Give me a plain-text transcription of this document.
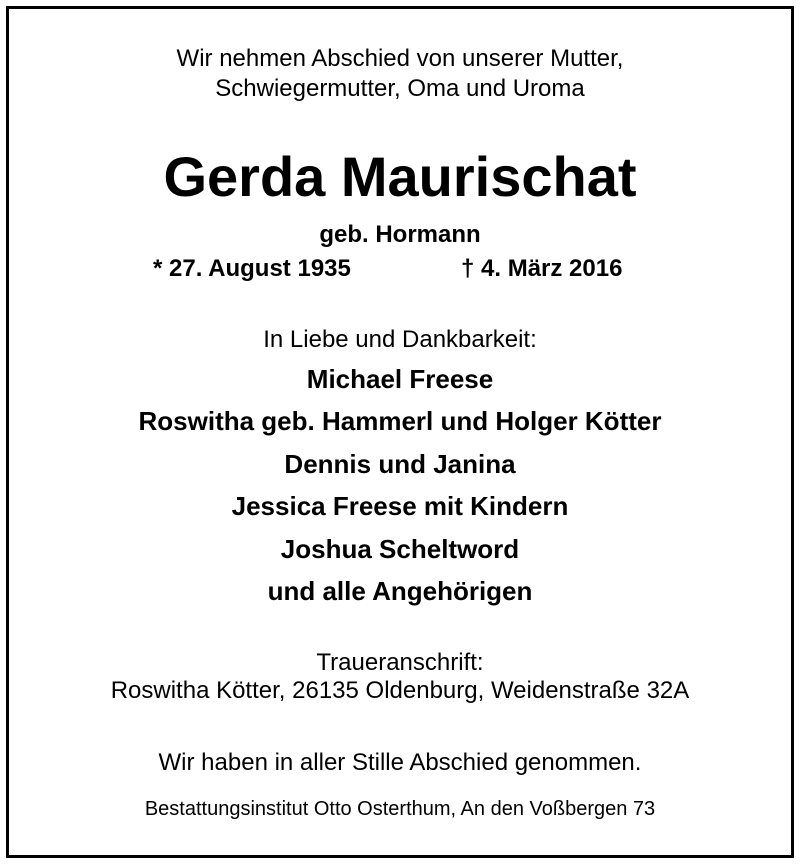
Wir nehmen Abschied von unserer Mutter,
Schwiegermutter, Oma und Uroma
Gerda Maurischat
geb. Hormann
* 27. August 1935	† 4. März 2016
In Liebe und Dankbarkeit:
Michael Freese
Roswitha geb. Hammerl und Holger Kötter
Dennis und Janina
Jessica Freese mit Kindern
Joshua Scheltword
und alle Angehörigen
Traueranschrift:
Roswitha Kötter, 26135 Oldenburg, Weidenstraße 32A
Wir haben in aller Stille Abschied genommen.
Bestattungsinstitut Otto Osterthum, An den Voßbergen 73
